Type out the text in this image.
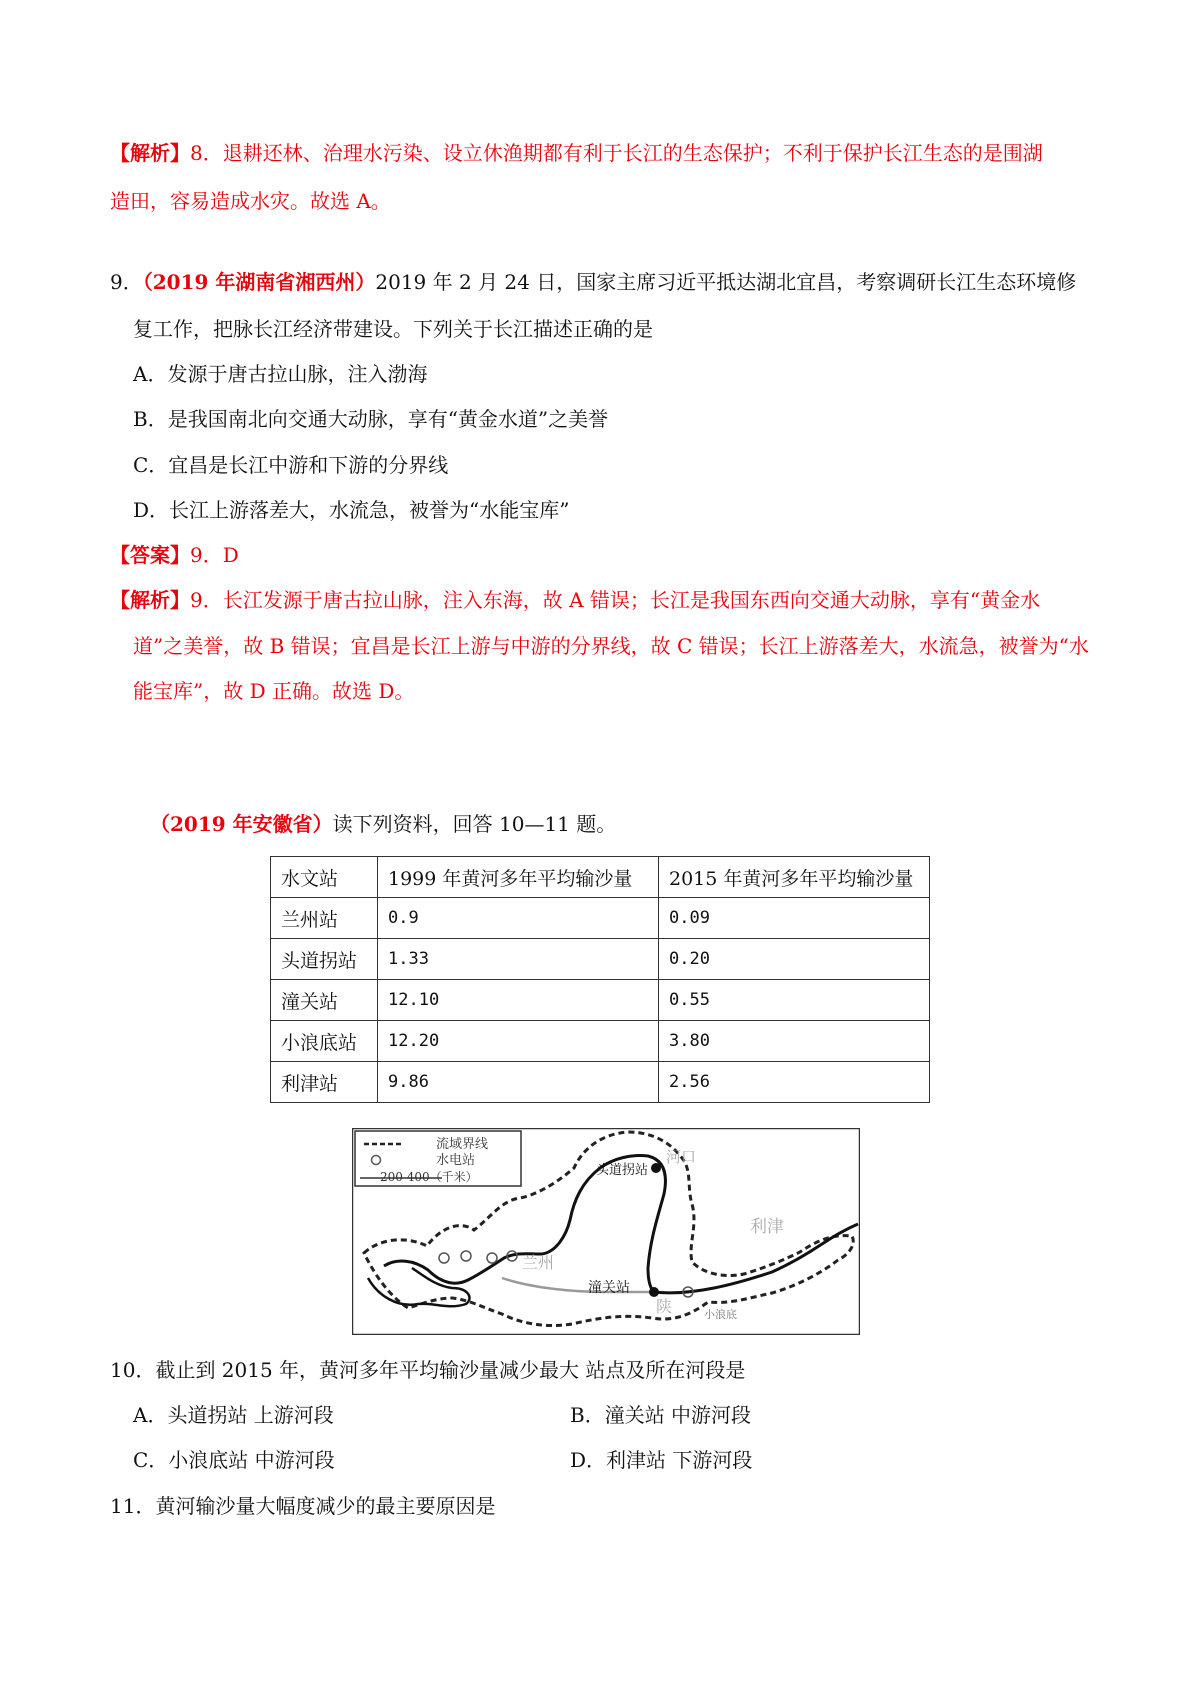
【解析】8．退耕还林、治理水污染、设立休渔期都有利于长江的生态保护；不利于保护长江生态的是围湖
造田，容易造成水灾。故选 A。
9．（2019 年湖南省湘西州）2019 年 2 月 24 日，国家主席习近平抵达湖北宜昌，考察调研长江生态环境修
复工作，把脉长江经济带建设。下列关于长江描述正确的是
A．发源于唐古拉山脉，注入渤海
B．是我国南北向交通大动脉，享有“黄金水道”之美誉
C．宜昌是长江中游和下游的分界线
D．长江上游落差大，水流急，被誉为“水能宝库”
【答案】9．D
【解析】9．长江发源于唐古拉山脉，注入东海，故 A 错误；长江是我国东西向交通大动脉，享有“黄金水
道”之美誉，故 B 错误；宜昌是长江上游与中游的分界线，故 C 错误；长江上游落差大，水流急，被誉为“水
能宝库”，故 D 正确。故选 D。
（2019 年安徽省）读下列资料，回答 10—11 题。
水文站	1999 年黄河多年平均输沙量	2015 年黄河多年平均输沙量
兰州站	0.9	0.09
头道拐站	1.33	0.20
潼关站	12.10	0.55
小浪底站	12.20	3.80
利津站	9.86	2.56
流域界线
水电站
200 400（千米）	头道拐站
河口
利津
兰州
潼关站
陕	小浪底
10．截止到 2015 年，黄河多年平均输沙量减少最大 站点及所在河段是
A．头道拐站 上游河段	B．潼关站 中游河段
C．小浪底站 中游河段	D．利津站 下游河段
11．黄河输沙量大幅度减少的最主要原因是
